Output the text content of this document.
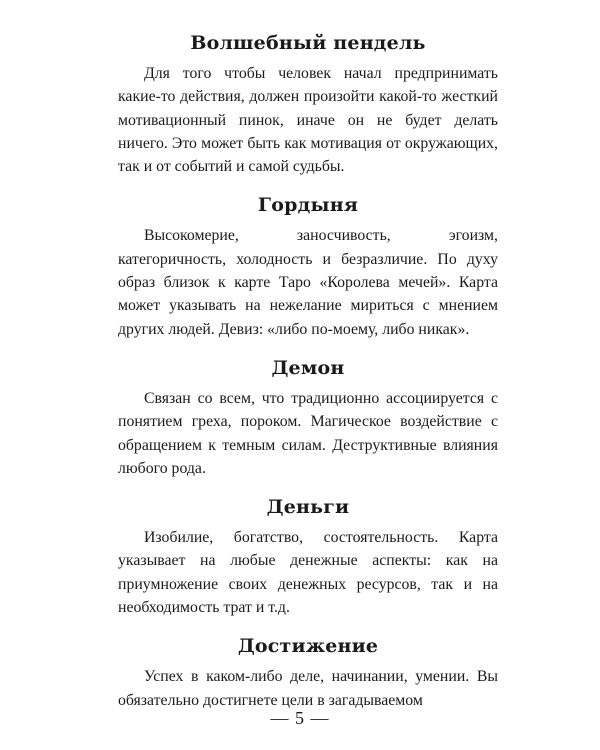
Волшебный пендель

Для того чтобы человек начал предпринимать какие-то действия, должен произойти какой-то жесткий мотивационный пинок, иначе он не будет делать ничего. Это может быть как мотивация от окружающих, так и от событий и самой судьбы.

Гордыня

Высокомерие, заносчивость, эгоизм, категоричность, холодность и безразличие. По духу образ близок к карте Таро «Королева мечей». Карта может указывать на нежелание мириться с мнением других людей. Девиз: «либо по-моему, либо никак».

Демон

Связан со всем, что традиционно ассоциируется с понятием греха, пороком. Магическое воздействие с обращением к темным силам. Деструктивные влияния любого рода.

Деньги

Изобилие, богатство, состоятельность. Карта указывает на любые денежные аспекты: как на приумножение своих денежных ресурсов, так и на необходимость трат и т.д.

Достижение

Успех в каком-либо деле, начинании, умении. Вы обязательно достигнете цели в загадываемом

— 5 —
